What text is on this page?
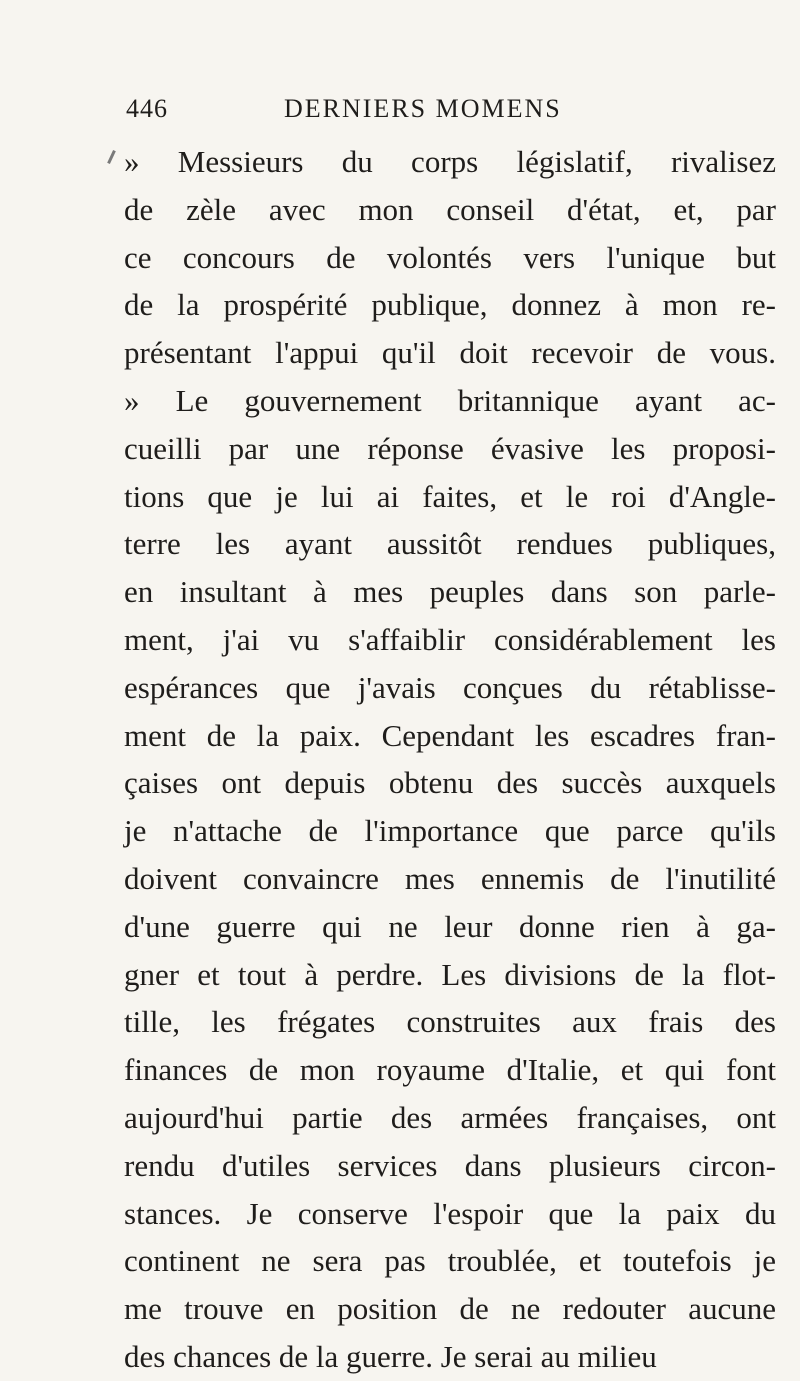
446	DERNIERS MOMENS
» Messieurs du corps législatif, rivalisez
de zèle avec mon conseil d'état, et, par
ce concours de volontés vers l'unique but
de la prospérité publique, donnez à mon re-
présentant l'appui qu'il doit recevoir de vous.
» Le gouvernement britannique ayant ac-
cueilli par une réponse évasive les proposi-
tions que je lui ai faites, et le roi d'Angle-
terre les ayant aussitôt rendues publiques,
en insultant à mes peuples dans son parle-
ment, j'ai vu s'affaiblir considérablement les
espérances que j'avais conçues du rétablisse-
ment de la paix. Cependant les escadres fran-
çaises ont depuis obtenu des succès auxquels
je n'attache de l'importance que parce qu'ils
doivent convaincre mes ennemis de l'inutilité
d'une guerre qui ne leur donne rien à ga-
gner et tout à perdre. Les divisions de la flot-
tille, les frégates construites aux frais des
finances de mon royaume d'Italie, et qui font
aujourd'hui partie des armées françaises, ont
rendu d'utiles services dans plusieurs circon-
stances. Je conserve l'espoir que la paix du
continent ne sera pas troublée, et toutefois je
me trouve en position de ne redouter aucune
des chances de la guerre. Je serai au milieu
